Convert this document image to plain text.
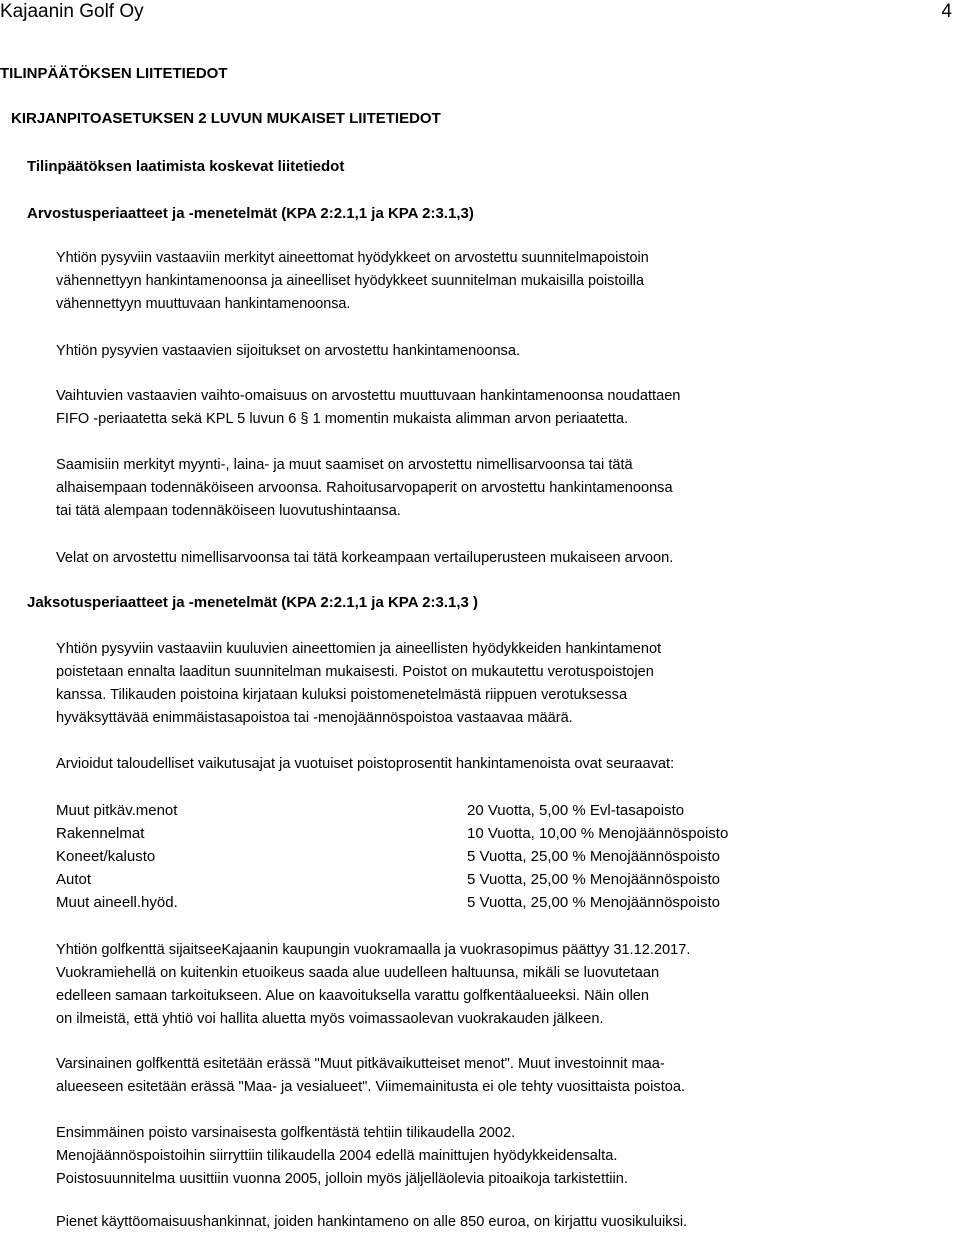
Kajaanin Golf Oy	4
TILINPÄÄTÖKSEN LIITETIEDOT
KIRJANPITOASETUKSEN 2 LUVUN MUKAISET LIITETIEDOT
Tilinpäätöksen laatimista koskevat liitetiedot
Arvostusperiaatteet ja -menetelmät (KPA 2:2.1,1 ja KPA 2:3.1,3)
Yhtiön pysyviin vastaaviin merkityt aineettomat hyödykkeet on arvostettu suunnitelmapoistoin
vähennettyyn hankintamenoonsa ja aineelliset hyödykkeet suunnitelman mukaisilla poistoilla
vähennettyyn muuttuvaan hankintamenoonsa.
Yhtiön pysyvien vastaavien sijoitukset on arvostettu hankintamenoonsa.
Vaihtuvien vastaavien vaihto-omaisuus on arvostettu muuttuvaan hankintamenoonsa noudattaen
FIFO -periaatetta sekä KPL 5 luvun 6 § 1 momentin mukaista alimman arvon periaatetta.
Saamisiin merkityt myynti-, laina- ja muut saamiset on arvostettu nimellisarvoonsa tai tätä
alhaisempaan todennäköiseen arvoonsa. Rahoitusarvopaperit on arvostettu hankintamenoonsa
tai tätä alempaan todennäköiseen luovutushintaansa.
Velat on arvostettu nimellisarvoonsa tai tätä korkeampaan vertailuperusteen mukaiseen arvoon.
Jaksotusperiaatteet ja -menetelmät (KPA 2:2.1,1 ja KPA 2:3.1,3 )
Yhtiön pysyviin vastaaviin kuuluvien aineettomien ja aineellisten hyödykkeiden hankintamenot
poistetaan ennalta laaditun suunnitelman mukaisesti. Poistot on mukautettu verotuspoistojen
kanssa. Tilikauden poistoina kirjataan kuluksi poistomenetelmästä riippuen verotuksessa
hyväksyttävää enimmäistasapoistoa tai -menojäännöspoistoa vastaavaa määrä.
Arvioidut taloudelliset vaikutusajat ja vuotuiset poistoprosentit hankintamenoista ovat seuraavat:
Muut pitkäv.menot	20 Vuotta, 5,00 % Evl-tasapoisto
Rakennelmat	10 Vuotta, 10,00 % Menojäännöspoisto
Koneet/kalusto	5 Vuotta, 25,00 % Menojäännöspoisto
Autot	5 Vuotta, 25,00 % Menojäännöspoisto
Muut aineell.hyöd.	5 Vuotta, 25,00 % Menojäännöspoisto
Yhtiön golfkenttä sijaitseeKajaanin kaupungin vuokramaalla ja vuokrasopimus päättyy 31.12.2017.
Vuokramiehellä on kuitenkin etuoikeus saada alue uudelleen haltuunsa, mikäli se luovutetaan
edelleen samaan tarkoitukseen. Alue on kaavoituksella varattu golfkentäalueeksi. Näin ollen
on ilmeistä, että yhtiö voi hallita aluetta myös voimassaolevan vuokrakauden jälkeen.
Varsinainen golfkenttä esitetään erässä "Muut pitkävaikutteiset menot". Muut investoinnit maa-
alueeseen esitetään erässä "Maa- ja vesialueet". Viimemainitusta ei ole tehty vuosittaista poistoa.
Ensimmäinen poisto varsinaisesta golfkentästä tehtiin tilikaudella 2002.
Menojäännöspoistoihin siirryttiin tilikaudella 2004 edellä mainittujen hyödykkeidensalta.
Poistosuunnitelma uusittiin vuonna 2005, jolloin myös jäljelläolevia pitoaikoja tarkistettiin.
Pienet käyttöomaisuushankinnat, joiden hankintameno on alle 850 euroa, on kirjattu vuosikuluiksi.
